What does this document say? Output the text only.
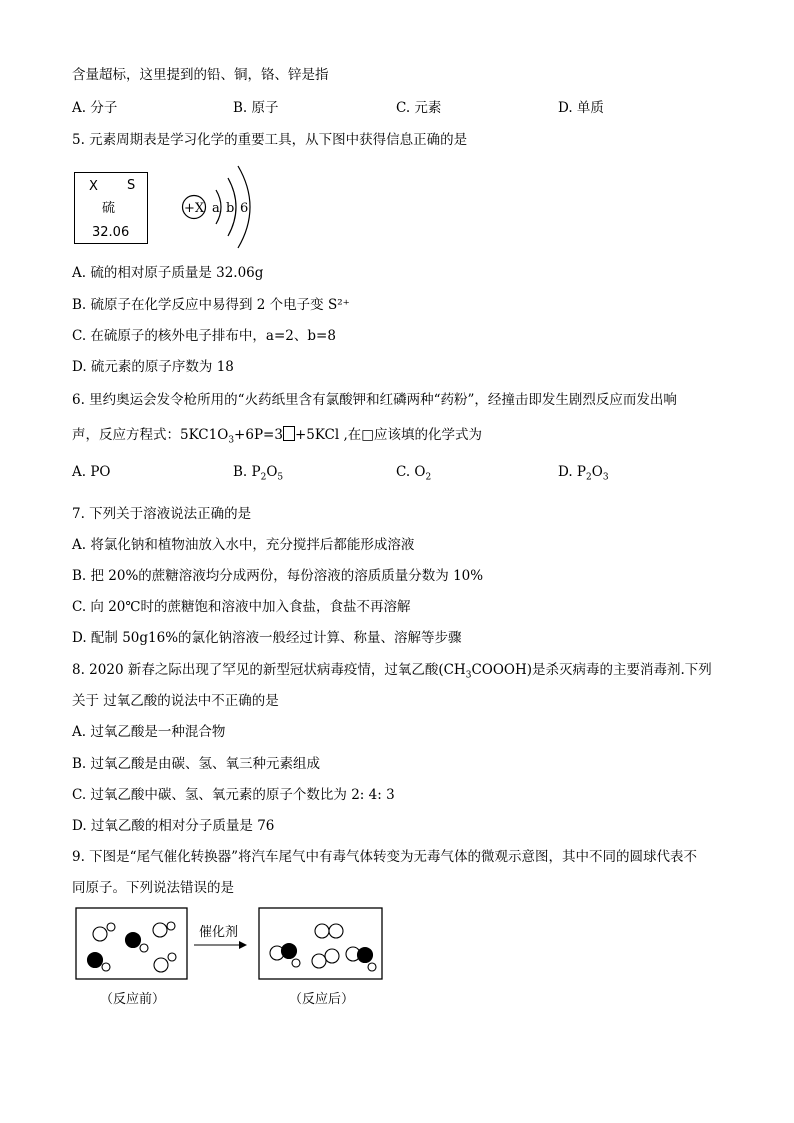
含量超标，这里提到的铅、铜，铬、锌是指
A. 分子	B. 原子	C. 元素	D. 单质
5. 元素周期表是学习化学的重要工具，从下图中获得信息正确的是
X S
硫
32.06
+X a b 6
A. 硫的相对原子质量是 32.06g
B. 硫原子在化学反应中易得到 2 个电子变 S²⁺
C. 在硫原子的核外电子排布中，a=2、b=8
D. 硫元素的原子序数为 18
6. 里约奥运会发令枪所用的“火药纸里含有氯酸钾和红磷两种“药粉”，经撞击即发生剧烈反应而发出响
声，反应方程式：$5KC1O_3+6P=3 +5KCl$ ,在□应该填的化学式为
A. PO	B. $P_2O_5$	C. $O_2$	D. $P_2O_3$
7. 下列关于溶液说法正确的是
A. 将氯化钠和植物油放入水中，充分搅拌后都能形成溶液
B. 把 20%的蔗糖溶液均分成两份，每份溶液的溶质质量分数为 10%
C. 向 20℃时的蔗糖饱和溶液中加入食盐，食盐不再溶解
D. 配制 50g16%的氯化钠溶液一般经过计算、称量、溶解等步骤
8. 2020 新春之际出现了罕见的新型冠状病毒疫情，过氧乙酸$(CH_3COOOH)$是杀灭病毒的主要消毒剂.下列
关于 过氧乙酸的说法中不正确的是
A. 过氧乙酸是一种混合物
B. 过氧乙酸是由碳、氢、氧三种元素组成
C. 过氧乙酸中碳、氢、氧元素的原子个数比为 2: 4: 3
D. 过氧乙酸的相对分子质量是 76
9. 下图是“尾气催化转换器”将汽车尾气中有毒气体转变为无毒气体的微观示意图，其中不同的圆球代表不
同原子。下列说法错误的是
催化剂
（反应前）	（反应后）
